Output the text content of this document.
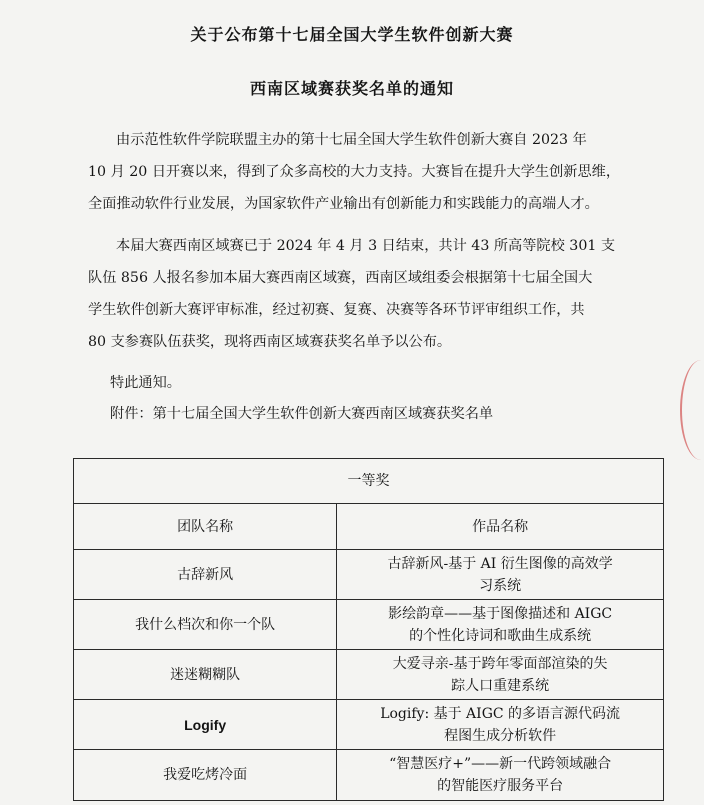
关于公布第十七届全国大学生软件创新大赛
西南区域赛获奖名单的通知
由示范性软件学院联盟主办的第十七届全国大学生软件创新大赛自 2023 年
10 月 20 日开赛以来，得到了众多高校的大力支持。大赛旨在提升大学生创新思维，
全面推动软件行业发展，为国家软件产业输出有创新能力和实践能力的高端人才。
本届大赛西南区域赛已于 2024 年 4 月 3 日结束，共计 43 所高等院校 301 支
队伍 856 人报名参加本届大赛西南区域赛，西南区域组委会根据第十七届全国大
学生软件创新大赛评审标准，经过初赛、复赛、决赛等各环节评审组织工作，共
80 支参赛队伍获奖，现将西南区域赛获奖名单予以公布。
特此通知。
附件：第十七届全国大学生软件创新大赛西南区域赛获奖名单
一等奖	
团队名称	作品名称
古辞新风	古辞新风-基于 AI 衍生图像的高效学
习系统

我什么档次和你一个队	影绘韵章——基于图像描述和 AIGC
的个性化诗词和歌曲生成系统

迷迷糊糊队	大爱寻亲-基于跨年零面部渲染的失
踪人口重建系统

Logify	Logify: 基于 AIGC 的多语言源代码流
程图生成分析软件

我爱吃烤冷面	“智慧医疗+”——新一代跨领域融合
的智能医疗服务平台
